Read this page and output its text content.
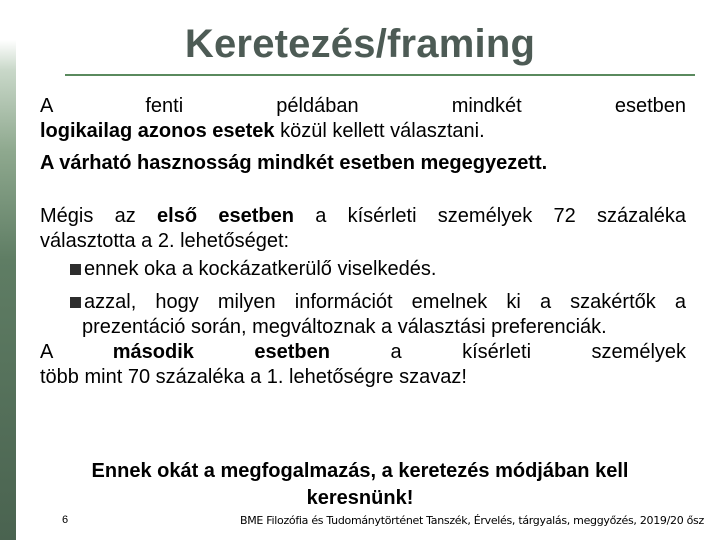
Keretezés/framing

A	fenti	példában	mindkét	esetben

logikailag azonos esetek közül kellett választani.

A várható hasznosság mindkét esetben megegyezett.

Mégis az első esetben a kísérleti személyek 72 százaléka

választotta a 2. lehetőséget:

ennek oka a kockázatkerülő viselkedés.
azzal, hogy milyen információt emelnek ki a szakértők a

prezentáció során, megváltoznak a választási preferenciák.

A	második	esetben	a	kísérleti	személyek

több mint 70 százaléka a 1. lehetőségre szavaz!

Ennek okát a megfogalmazás, a keretezés módjában kell
keresnünk!
6	BME Filozófia és Tudománytörténet Tanszék, Érvelés, tárgyalás, meggyőzés, 2019/20 ősz
